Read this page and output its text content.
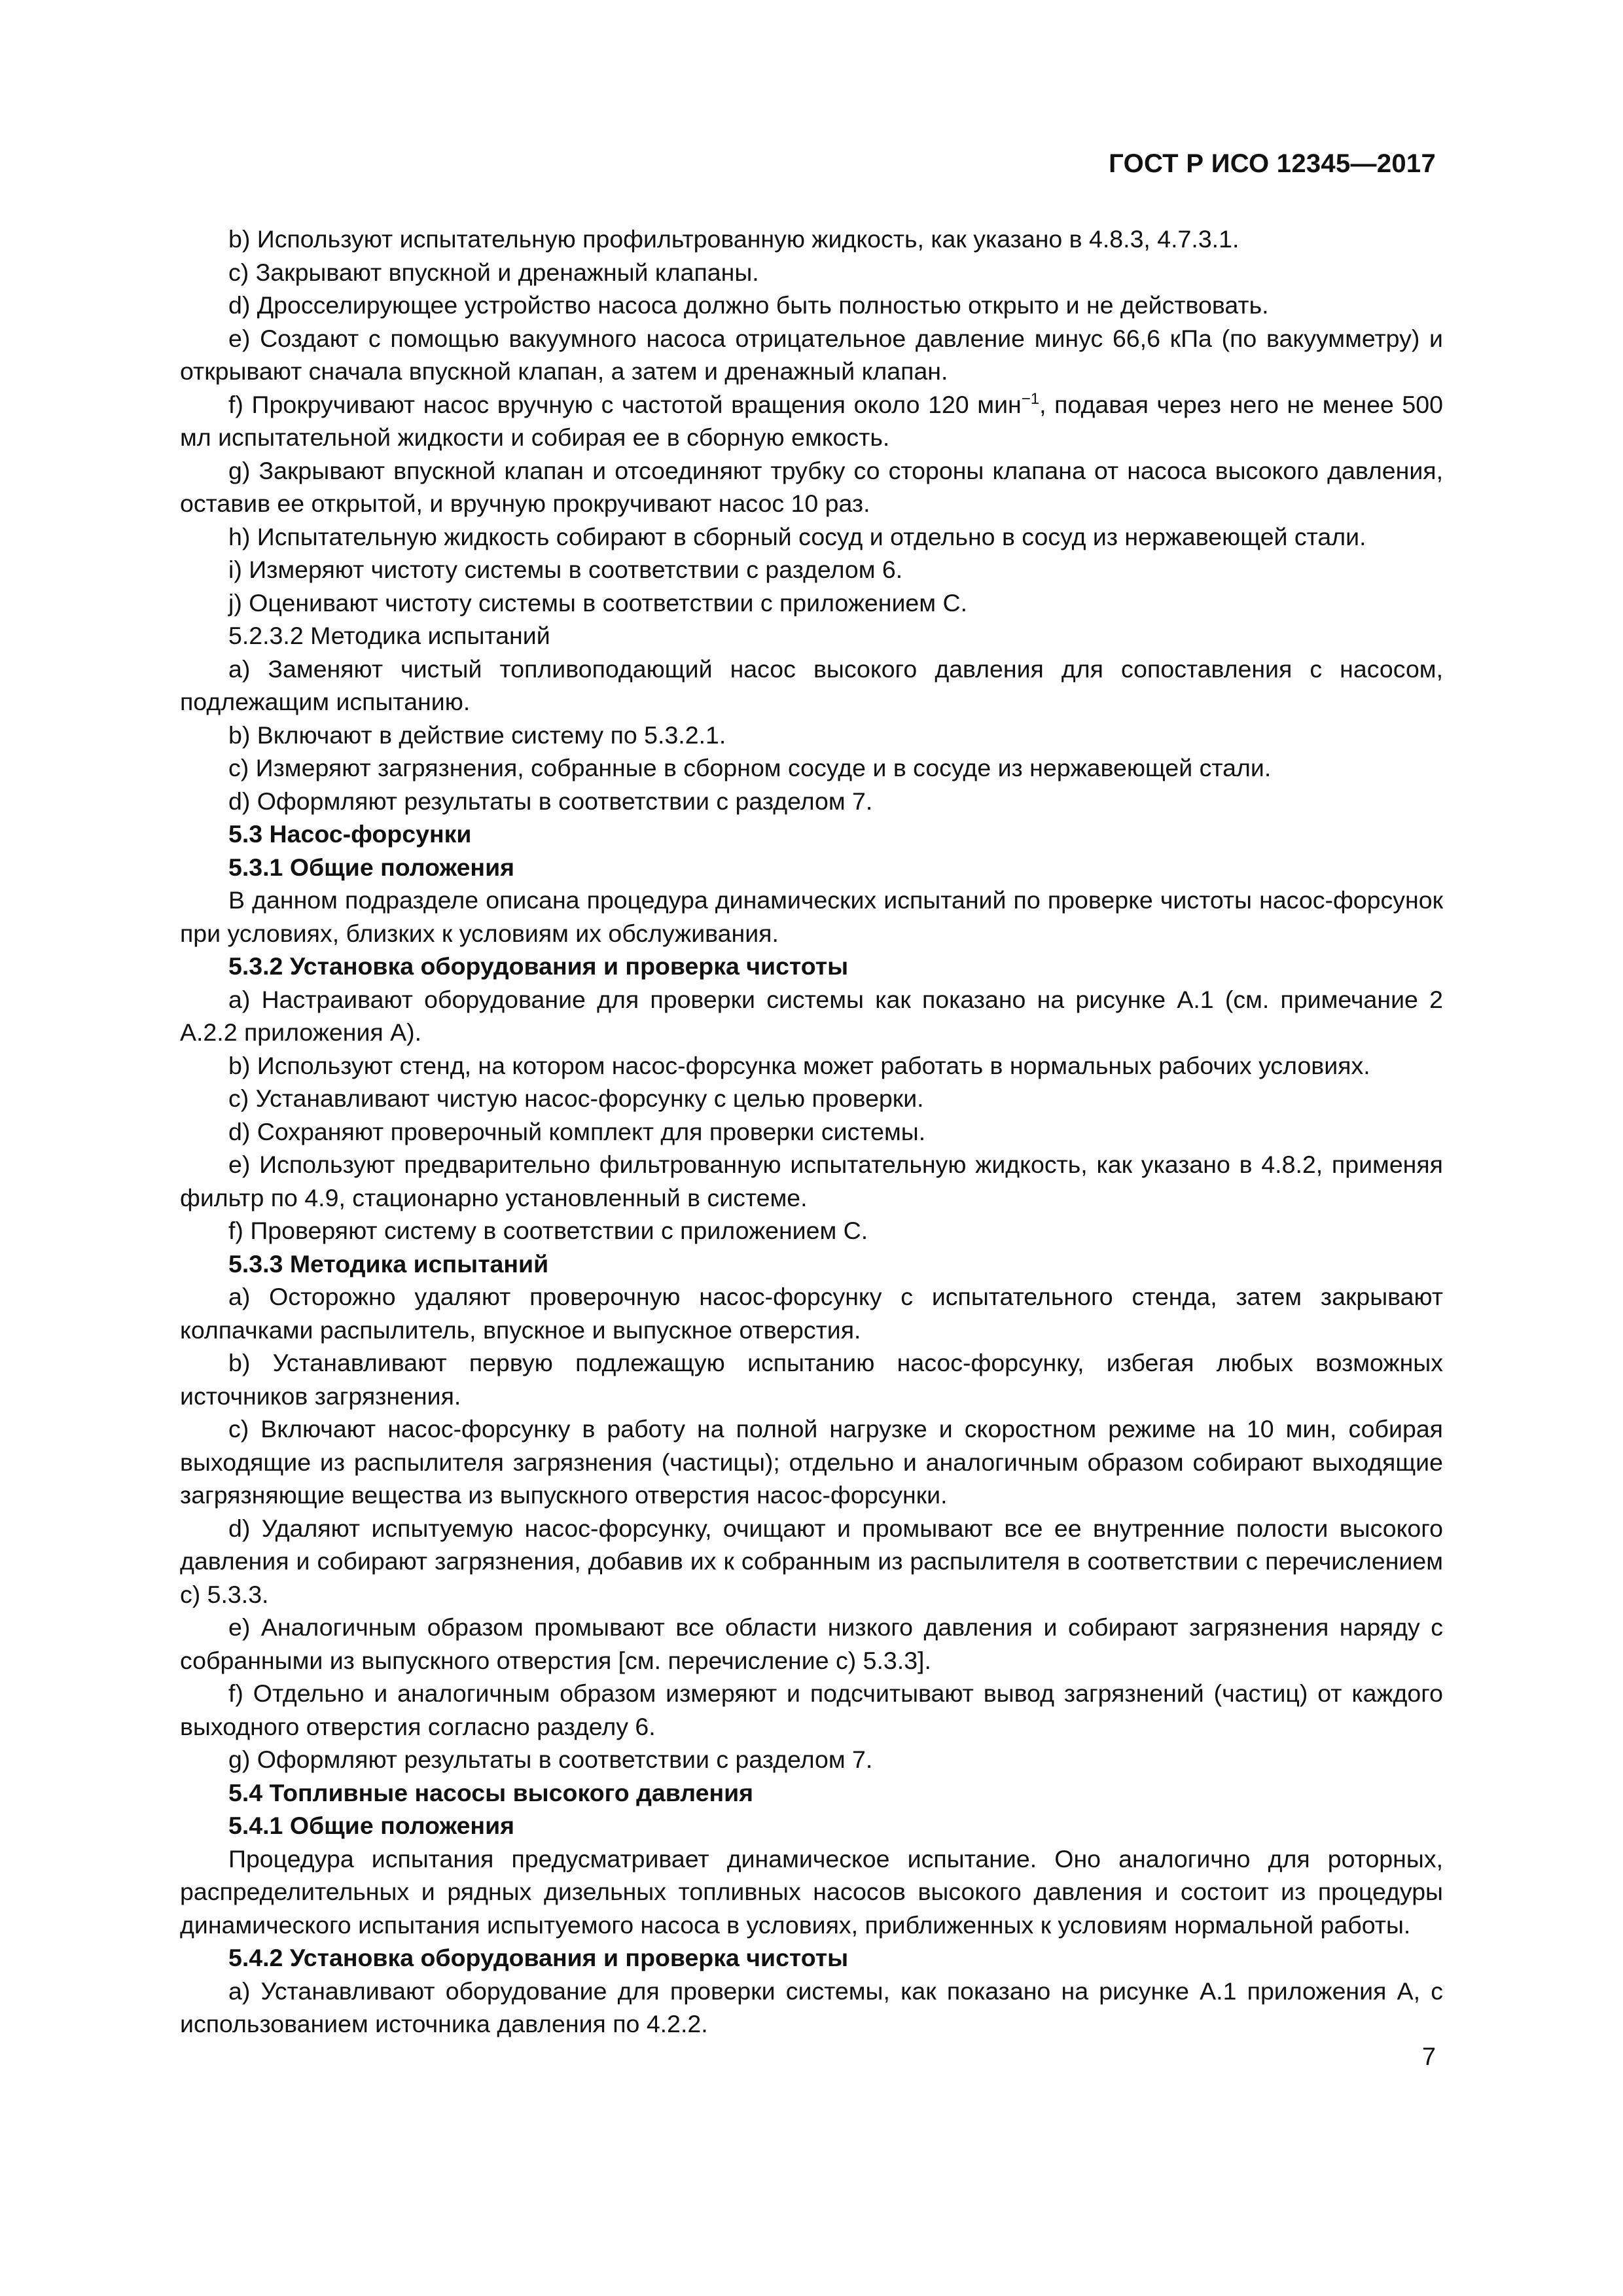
ГОСТ Р ИСО 12345—2017

b) Используют испытательную профильтрованную жидкость, как указано в 4.8.3, 4.7.3.1.

c) Закрывают впускной и дренажный клапаны.

d) Дросселирующее устройство насоса должно быть полностью открыто и не действовать.

e) Создают с помощью вакуумного насоса отрицательное давление минус 66,6 кПа (по вакуумметру) и открывают сначала впускной клапан, а затем и дренажный клапан.

f) Прокручивают насос вручную с частотой вращения около 120 мин$^{-1}$, подавая через него не менее 500 мл испытательной жидкости и собирая ее в сборную емкость.

g) Закрывают впускной клапан и отсоединяют трубку со стороны клапана от насоса высокого давления, оставив ее открытой, и вручную прокручивают насос 10 раз.

h) Испытательную жидкость собирают в сборный сосуд и отдельно в сосуд из нержавеющей стали.

i) Измеряют чистоту системы в соответствии с разделом 6.

j) Оценивают чистоту системы в соответствии с приложением С.

5.2.3.2 Методика испытаний

a) Заменяют чистый топливоподающий насос высокого давления для сопоставления с насосом, подлежащим испытанию.

b) Включают в действие систему по 5.3.2.1.

c) Измеряют загрязнения, собранные в сборном сосуде и в сосуде из нержавеющей стали.

d) Оформляют результаты в соответствии с разделом 7.

5.3 Насос-форсунки

5.3.1 Общие положения

В данном подразделе описана процедура динамических испытаний по проверке чистоты насос-форсунок при условиях, близких к условиям их обслуживания.

5.3.2 Установка оборудования и проверка чистоты

a) Настраивают оборудование для проверки системы как показано на рисунке А.1 (см. примечание 2 А.2.2 приложения А).

b) Используют стенд, на котором насос-форсунка может работать в нормальных рабочих условиях.

c) Устанавливают чистую насос-форсунку с целью проверки.

d) Сохраняют проверочный комплект для проверки системы.

e) Используют предварительно фильтрованную испытательную жидкость, как указано в 4.8.2, применяя фильтр по 4.9, стационарно установленный в системе.

f) Проверяют систему в соответствии с приложением С.

5.3.3 Методика испытаний

a) Осторожно удаляют проверочную насос-форсунку с испытательного стенда, затем закрывают колпачками распылитель, впускное и выпускное отверстия.

b) Устанавливают первую подлежащую испытанию насос-форсунку, избегая любых возможных источников загрязнения.

c) Включают насос-форсунку в работу на полной нагрузке и скоростном режиме на 10 мин, собирая выходящие из распылителя загрязнения (частицы); отдельно и аналогичным образом собирают выходящие загрязняющие вещества из выпускного отверстия насос-форсунки.

d) Удаляют испытуемую насос-форсунку, очищают и промывают все ее внутренние полости высокого давления и собирают загрязнения, добавив их к собранным из распылителя в соответствии с перечислением c) 5.3.3.

e) Аналогичным образом промывают все области низкого давления и собирают загрязнения наряду с собранными из выпускного отверстия [см. перечисление c) 5.3.3].

f) Отдельно и аналогичным образом измеряют и подсчитывают вывод загрязнений (частиц) от каждого выходного отверстия согласно разделу 6.

g) Оформляют результаты в соответствии с разделом 7.

5.4 Топливные насосы высокого давления

5.4.1 Общие положения

Процедура испытания предусматривает динамическое испытание. Оно аналогично для роторных, распределительных и рядных дизельных топливных насосов высокого давления и состоит из процедуры динамического испытания испытуемого насоса в условиях, приближенных к условиям нормальной работы.

5.4.2 Установка оборудования и проверка чистоты

a) Устанавливают оборудование для проверки системы, как показано на рисунке А.1 приложения А, с использованием источника давления по 4.2.2.

7
